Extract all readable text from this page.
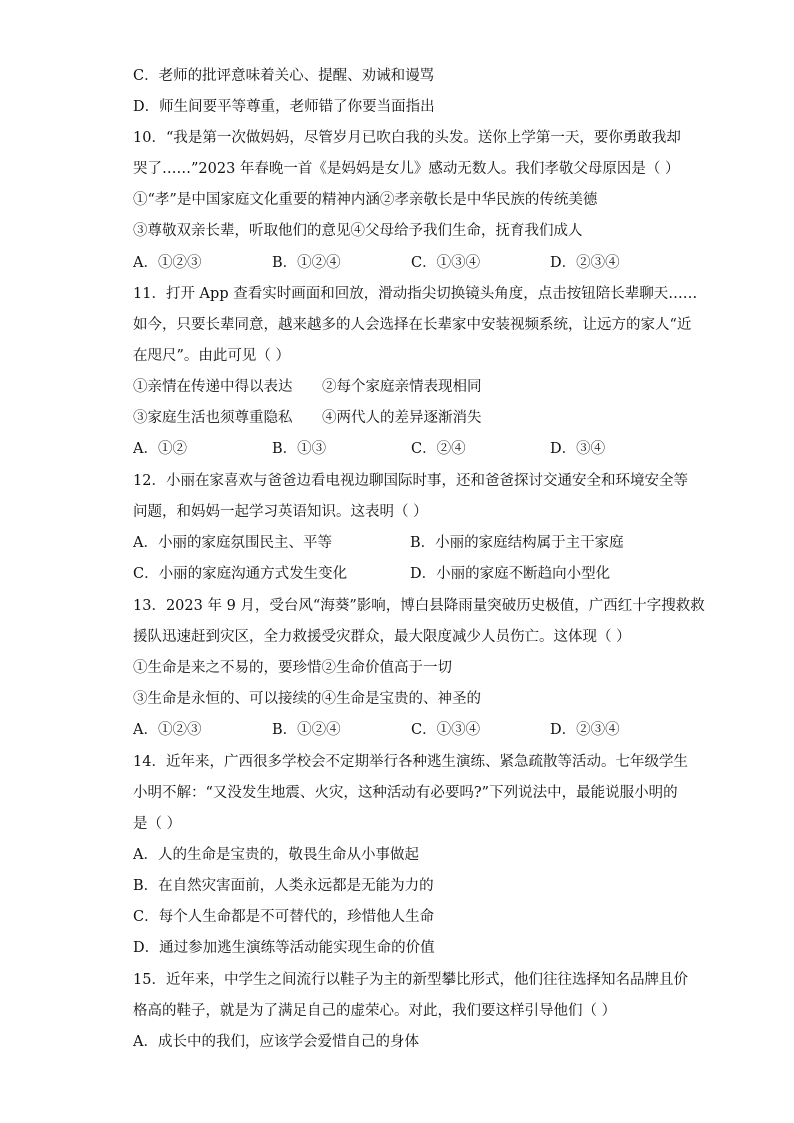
C．老师的批评意味着关心、提醒、劝诫和谩骂
D．师生间要平等尊重，老师错了你要当面指出
10．“我是第一次做妈妈，尽管岁月已吹白我的头发。送你上学第一天，要你勇敢我却
哭了……”2023 年春晚一首《是妈妈是女儿》感动无数人。我们孝敬父母原因是（ ）
①“孝”是中国家庭文化重要的精神内涵②孝亲敬长是中华民族的传统美德
③尊敬双亲长辈，听取他们的意见④父母给予我们生命，抚育我们成人
A．①②③	B．①②④	C．①③④	D．②③④
11．打开 App 查看实时画面和回放，滑动指尖切换镜头角度，点击按钮陪长辈聊天……
如今，只要长辈同意，越来越多的人会选择在长辈家中安装视频系统，让远方的家人“近
在咫尺”。由此可见（ ）
①亲情在传递中得以表达 ②每个家庭亲情表现相同
③家庭生活也须尊重隐私 ④两代人的差异逐渐消失
A．①②	B．①③	C．②④	D．③④
12．小丽在家喜欢与爸爸边看电视边聊国际时事，还和爸爸探讨交通安全和环境安全等
问题，和妈妈一起学习英语知识。这表明（ ）
A．小丽的家庭氛围民主、平等	B．小丽的家庭结构属于主干家庭
C．小丽的家庭沟通方式发生变化	D．小丽的家庭不断趋向小型化
13．2023 年 9 月，受台风“海葵”影响，博白县降雨量突破历史极值，广西红十字搜救救
援队迅速赶到灾区，全力救援受灾群众，最大限度减少人员伤亡。这体现（ ）
①生命是来之不易的，要珍惜②生命价值高于一切
③生命是永恒的、可以接续的④生命是宝贵的、神圣的
A．①②③	B．①②④	C．①③④	D．②③④
14．近年来，广西很多学校会不定期举行各种逃生演练、紧急疏散等活动。七年级学生
小明不解：“又没发生地震、火灾，这种活动有必要吗?”下列说法中，最能说服小明的
是（ ）
A．人的生命是宝贵的，敬畏生命从小事做起
B．在自然灾害面前，人类永远都是无能为力的
C．每个人生命都是不可替代的，珍惜他人生命
D．通过参加逃生演练等活动能实现生命的价值
15．近年来，中学生之间流行以鞋子为主的新型攀比形式，他们往往选择知名品牌且价
格高的鞋子，就是为了满足自己的虚荣心。对此，我们要这样引导他们（ ）
A．成长中的我们，应该学会爱惜自己的身体
